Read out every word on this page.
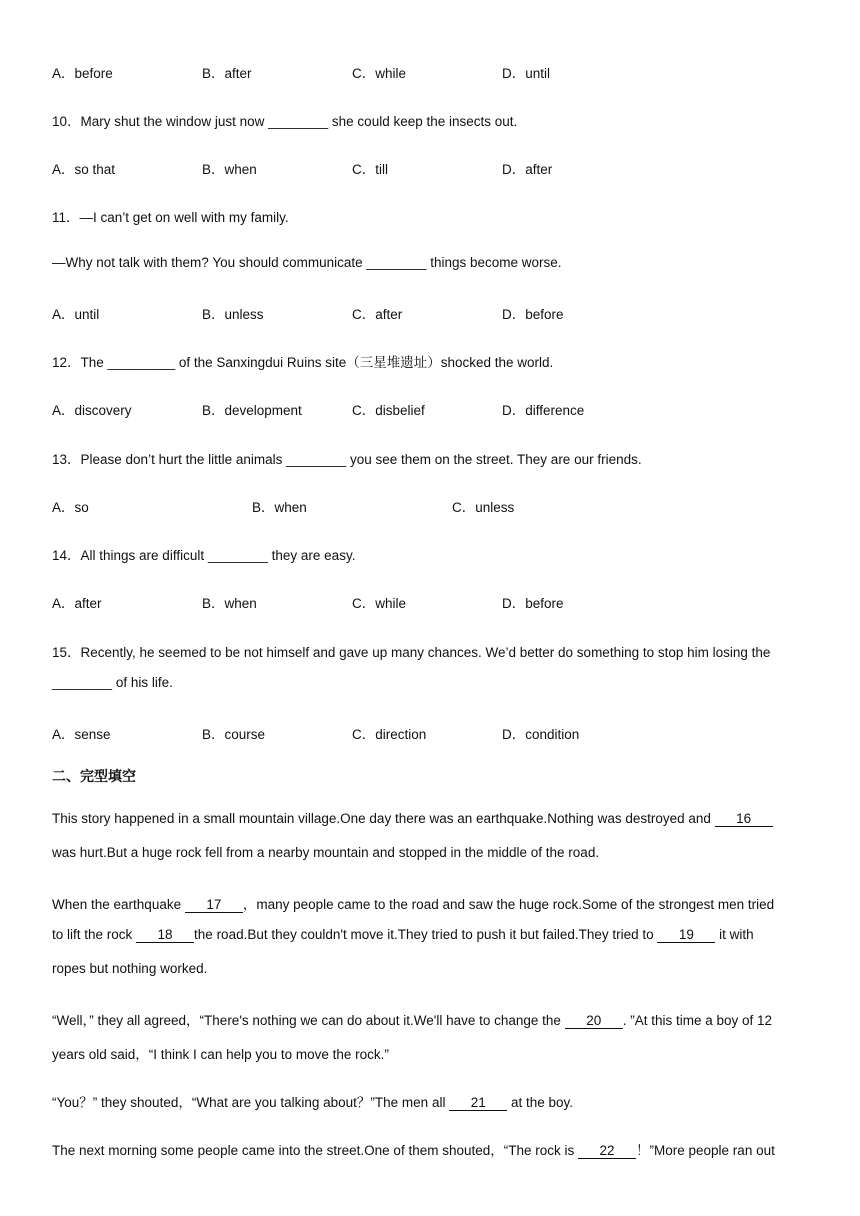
A．before	B．after	C．while	D．until
10．Mary shut the window just now ________ she could keep the insects out.
A．so that	B．when	C．till	D．after
11．—I can’t get on well with my family.
—Why not talk with them? You should communicate ________ things become worse.
A．until	B．unless	C．after	D．before
12．The _________ of the Sanxingdui Ruins site（三星堆遗址）shocked the world.
A．discovery	B．development	C．disbelief	D．difference
13．Please don’t hurt the little animals ________ you see them on the street. They are our friends.
A．so	B．when	C．unless
14．All things are difficult ________ they are easy.
A．after	B．when	C．while	D．before
15．Recently, he seemed to be not himself and gave up many chances. We’d better do something to stop him losing the
________ of his life.
A．sense	B．course	C．direction	D．condition
二、完型填空
This story happened in a small mountain village.One day there was an earthquake.Nothing was destroyed and 16
was hurt.But a huge rock fell from a nearby mountain and stopped in the middle of the road.
When the earthquake 17 ，many people came to the road and saw the huge rock.Some of the strongest men tried
to lift the rock 18 the road.But they couldn't move it.They tried to push it but failed.They tried to 19 it with
ropes but nothing worked.
“Well，” they all agreed，“There's nothing we can do about it.We'll have to change the 20 . ”At this time a boy of 12
years old said，“I think I can help you to move the rock.”
“You？” they shouted，“What are you talking about？”The men all 21 at the boy.
The next morning some people came into the street.One of them shouted，“The rock is 22 ！”More people ran out
